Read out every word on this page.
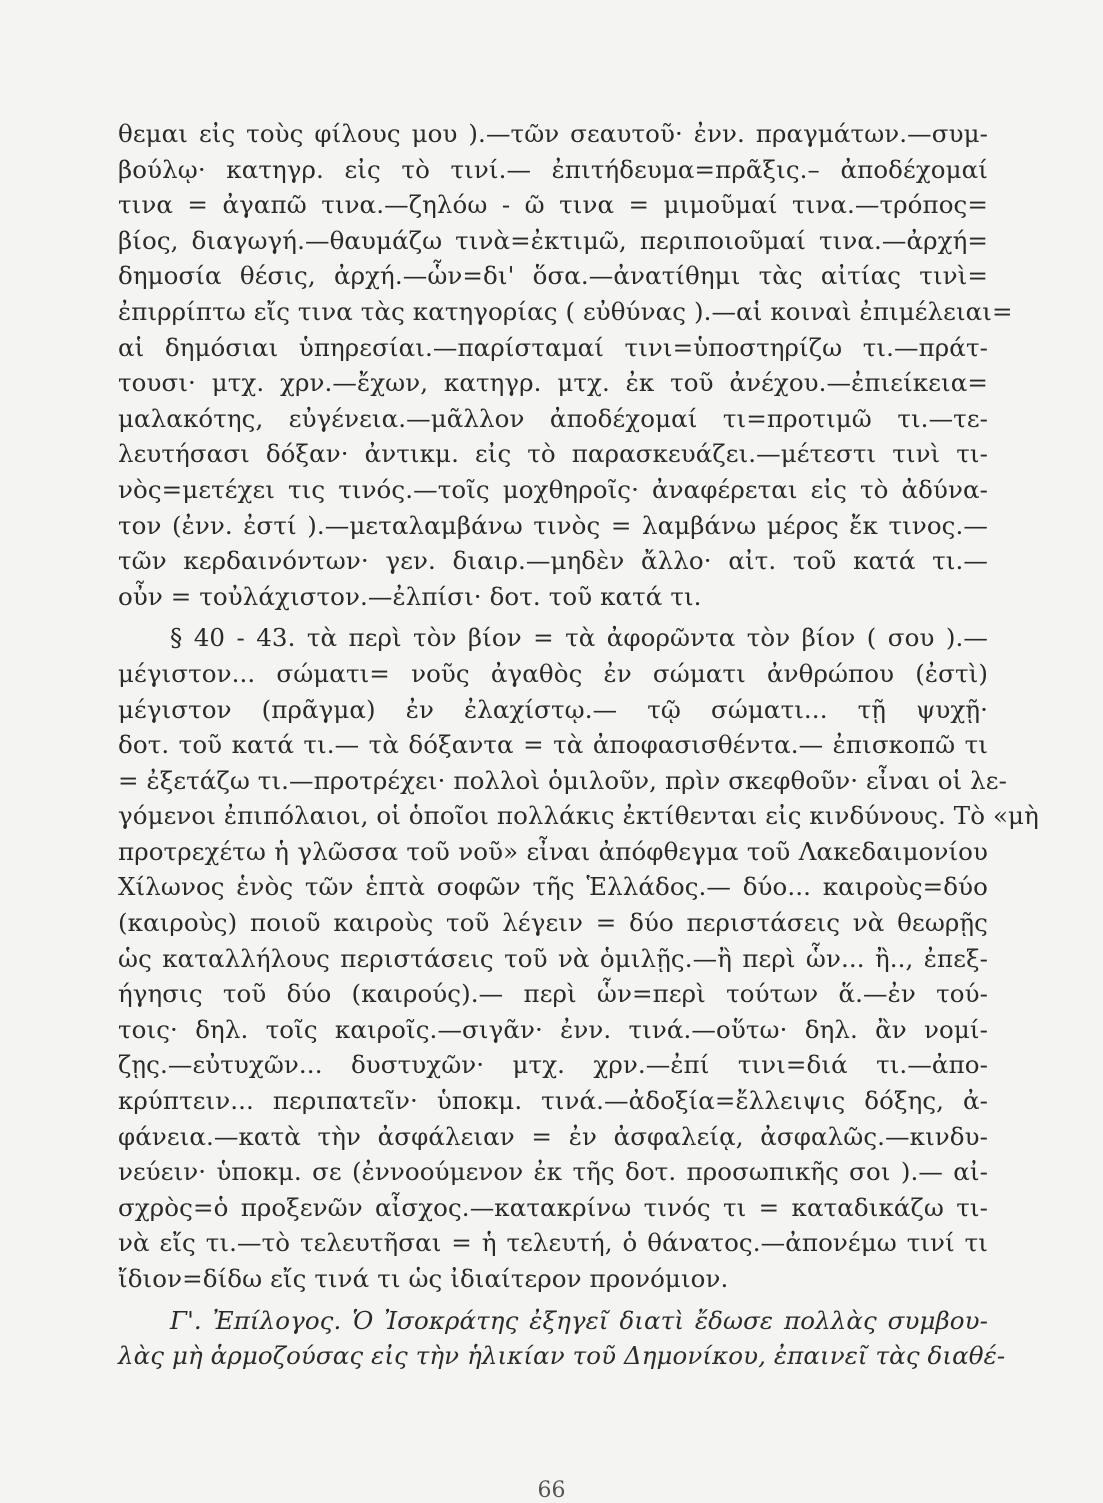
θεμαι εἰς τοὺς φίλους μου ).—τῶν σεαυτοῦ· ἐνν. πραγμάτων.—συμ-
βούλῳ· κατηγρ. εἰς τὸ τινί.— ἐπιτήδευμα=πρᾶξις.– ἀποδέχομαί
τινα = ἀγαπῶ τινα.—ζηλόω - ῶ τινα = μιμοῦμαί τινα.—τρόπος=
βίος, διαγωγή.—θαυμάζω τινὰ=ἐκτιμῶ, περιποιοῦμαί τινα.—ἀρχή=
δημοσία θέσις, ἀρχή.—ὧν=δι' ὅσα.—ἀνατίθημι τὰς αἰτίας τινὶ=
ἐπιρρίπτω εἴς τινα τὰς κατηγορίας ( εὐθύνας ).—αἱ κοιναὶ ἐπιμέλειαι=
αἱ δημόσιαι ὑπηρεσίαι.—παρίσταμαί τινι=ὑποστηρίζω τι.—πράτ-
τουσι· μτχ. χρν.—ἔχων, κατηγρ. μτχ. ἐκ τοῦ ἀνέχου.—ἐπιείκεια=
μαλακότης, εὐγένεια.—μᾶλλον ἀποδέχομαί τι=προτιμῶ τι.—τε-
λευτήσασι δόξαν· ἀντικμ. εἰς τὸ παρασκευάζει.—μέτεστι τινὶ τι-
νὸς=μετέχει τις τινός.—τοῖς μοχθηροῖς· ἀναφέρεται εἰς τὸ ἀδύνα-
τον (ἐνν. ἐστί ).—μεταλαμβάνω τινὸς = λαμβάνω μέρος ἔκ τινος.—
τῶν κερδαινόντων· γεν. διαιρ.—μηδὲν ἄλλο· αἰτ. τοῦ κατά τι.—
οὖν = τοὐλάχιστον.—ἐλπίσι· δοτ. τοῦ κατά τι.
§ 40 - 43. τὰ περὶ τὸν βίον = τὰ ἀφορῶντα τὸν βίον ( σου ).—
μέγιστον... σώματι= νοῦς ἀγαθὸς ἐν σώματι ἀνθρώπου (ἐστὶ)
μέγιστον (πρᾶγμα) ἐν ἐλαχίστῳ.— τῷ σώματι... τῇ ψυχῇ·
δοτ. τοῦ κατά τι.— τὰ δόξαντα = τὰ ἀποφασισθέντα.— ἐπισκοπῶ τι
= ἐξετάζω τι.—προτρέχει· πολλοὶ ὁμιλοῦν, πρὶν σκεφθοῦν· εἶναι οἱ λε-
γόμενοι ἐπιπόλαιοι, οἱ ὁποῖοι πολλάκις ἐκτίθενται εἰς κινδύνους. Τὸ «μὴ
προτρεχέτω ἡ γλῶσσα τοῦ νοῦ» εἶναι ἀπόφθεγμα τοῦ Λακεδαιμονίου
Χίλωνος ἑνὸς τῶν ἑπτὰ σοφῶν τῆς Ἑλλάδος.— δύο... καιροὺς=δύο
(καιροὺς) ποιοῦ καιροὺς τοῦ λέγειν = δύο περιστάσεις νὰ θεωρῇς
ὡς καταλλήλους περιστάσεις τοῦ νὰ ὁμιλῇς.—ἢ περὶ ὧν... ἢ.., ἐπεξ-
ήγησις τοῦ δύο (καιρούς).— περὶ ὧν=περὶ τούτων ἅ.—ἐν τού-
τοις· δηλ. τοῖς καιροῖς.—σιγᾶν· ἐνν. τινά.—οὕτω· δηλ. ἂν νομί-
ζῃς.—εὐτυχῶν... δυστυχῶν· μτχ. χρν.—ἐπί τινι=διά τι.—ἀπο-
κρύπτειν... περιπατεῖν· ὑποκμ. τινά.—ἀδοξία=ἔλλειψις δόξης, ἀ-
φάνεια.—κατὰ τὴν ἀσφάλειαν = ἐν ἀσφαλείᾳ, ἀσφαλῶς.—κινδυ-
νεύειν· ὑποκμ. σε (ἐννοούμενον ἐκ τῆς δοτ. προσωπικῆς σοι ).— αἰ-
σχρὸς=ὁ προξενῶν αἶσχος.—κατακρίνω τινός τι = καταδικάζω τι-
νὰ εἴς τι.—τὸ τελευτῆσαι = ἡ τελευτή, ὁ θάνατος.—ἀπονέμω τινί τι
ἴδιον=δίδω εἴς τινά τι ὡς ἰδιαίτερον προνόμιον.
Γ'. Ἐπίλογος. Ὁ Ἰσοκράτης ἐξηγεῖ διατὶ ἔδωσε πολλὰς συμβου-
λὰς μὴ ἁρμοζούσας εἰς τὴν ἡλικίαν τοῦ Δημονίκου, ἐπαινεῖ τὰς διαθέ-
66
